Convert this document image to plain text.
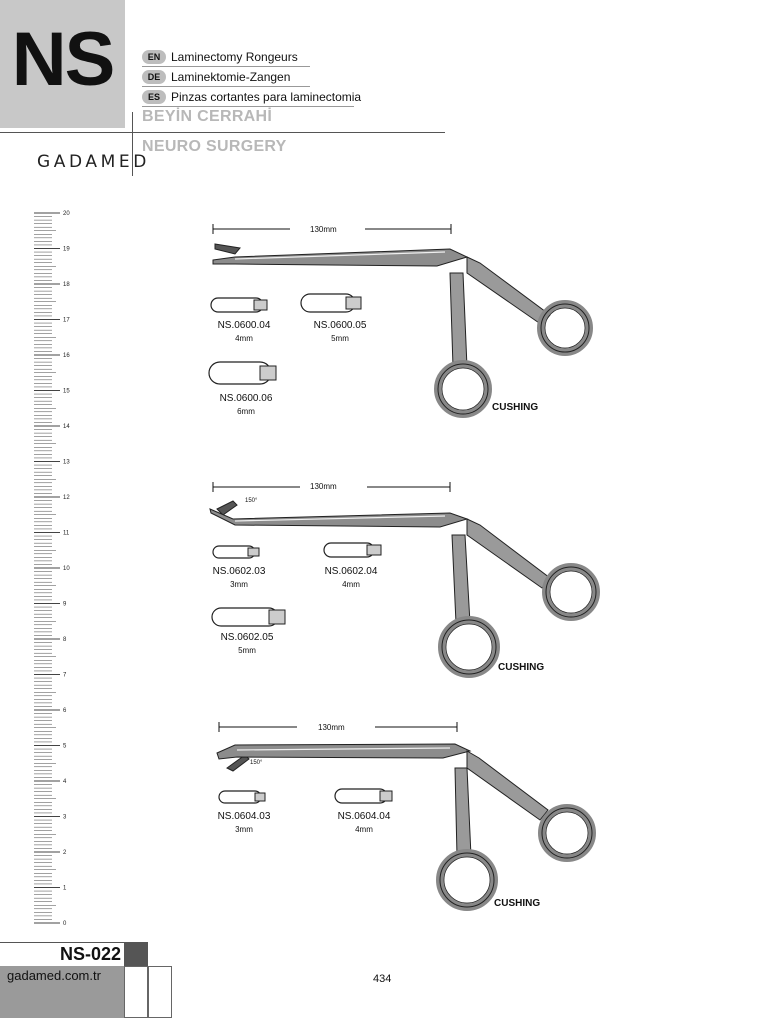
NS	EN Laminectomy Rongeurs
DE Laminektomie-Zangen
ES Pinzas cortantes para laminectomia
BEYİN CERRAHİ
NEURO SURGERY
GADAMED
20
19
18
17
16
15
14
13
12
11
10
9
8
7
6
5
4
3
2
1
0
130mm
NS.0600.04
4mm
NS.0600.05
5mm
NS.0600.06
6mm	CUSHING
130mm
150°
NS.0602.03
3mm
NS.0602.04
4mm
NS.0602.05
5mm
CUSHING
130mm
150°
NS.0604.03
3mm
NS.0604.04
4mm
CUSHING
NS-022
gadamed.com.tr	434
